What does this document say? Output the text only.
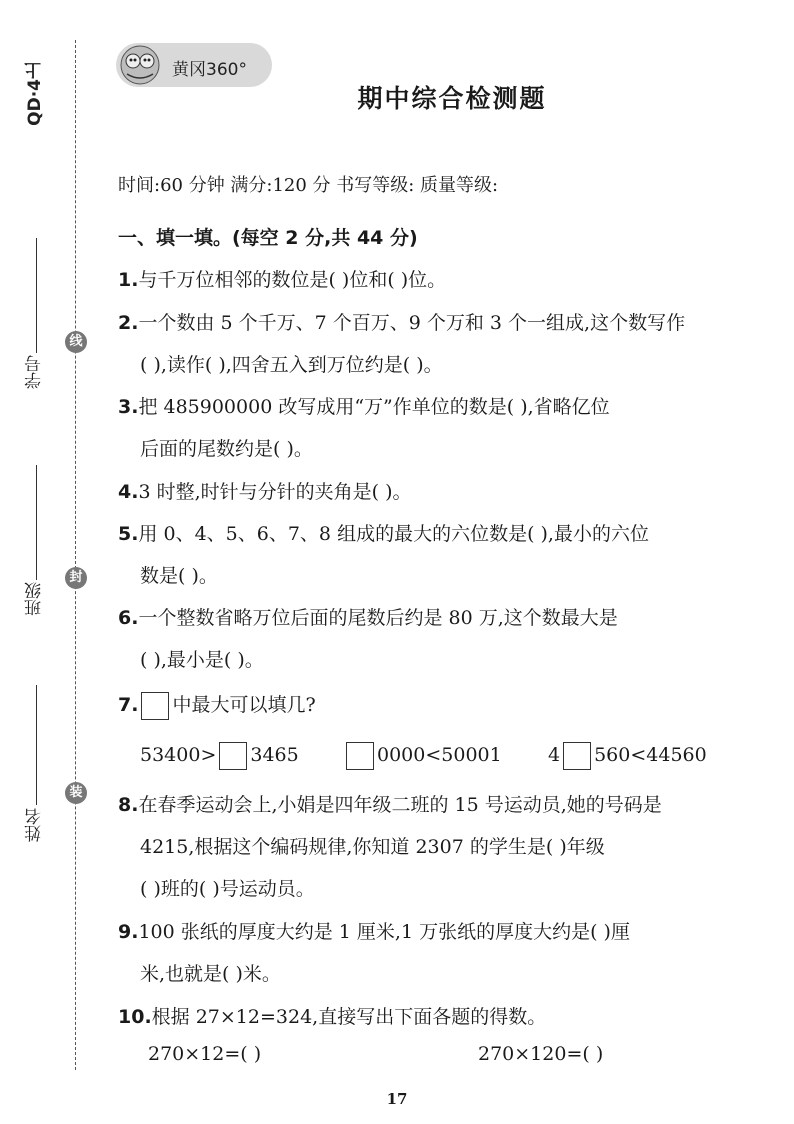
QD·4上
学号
班级
姓名
线
封
装
黄冈360°
期中综合检测题
时间:60 分钟 满分:120 分 书写等级: 质量等级:
一、填一填。(每空 2 分,共 44 分)
1.与千万位相邻的数位是( )位和( )位。
2.一个数由 5 个千万、7 个百万、9 个万和 3 个一组成,这个数写作
( ),读作( ),四舍五入到万位约是( )。
3.把 485900000 改写成用“万”作单位的数是( ),省略亿位
后面的尾数约是( )。
4.3 时整,时针与分针的夹角是( )。
5.用 0、4、5、6、7、8 组成的最大的六位数是( ),最小的六位
数是( )。
6.一个整数省略万位后面的尾数后约是 80 万,这个数最大是
( ),最小是( )。
7. 中最大可以填几?
53400> 3465	0000<50001 4 560<44560
8.在春季运动会上,小娟是四年级二班的 15 号运动员,她的号码是
4215,根据这个编码规律,你知道 2307 的学生是( )年级
( )班的( )号运动员。
9.100 张纸的厚度大约是 1 厘米,1 万张纸的厚度大约是( )厘
米,也就是( )米。
10.根据 27×12=324,直接写出下面各题的得数。
270×12=( )	270×120=( )
17
